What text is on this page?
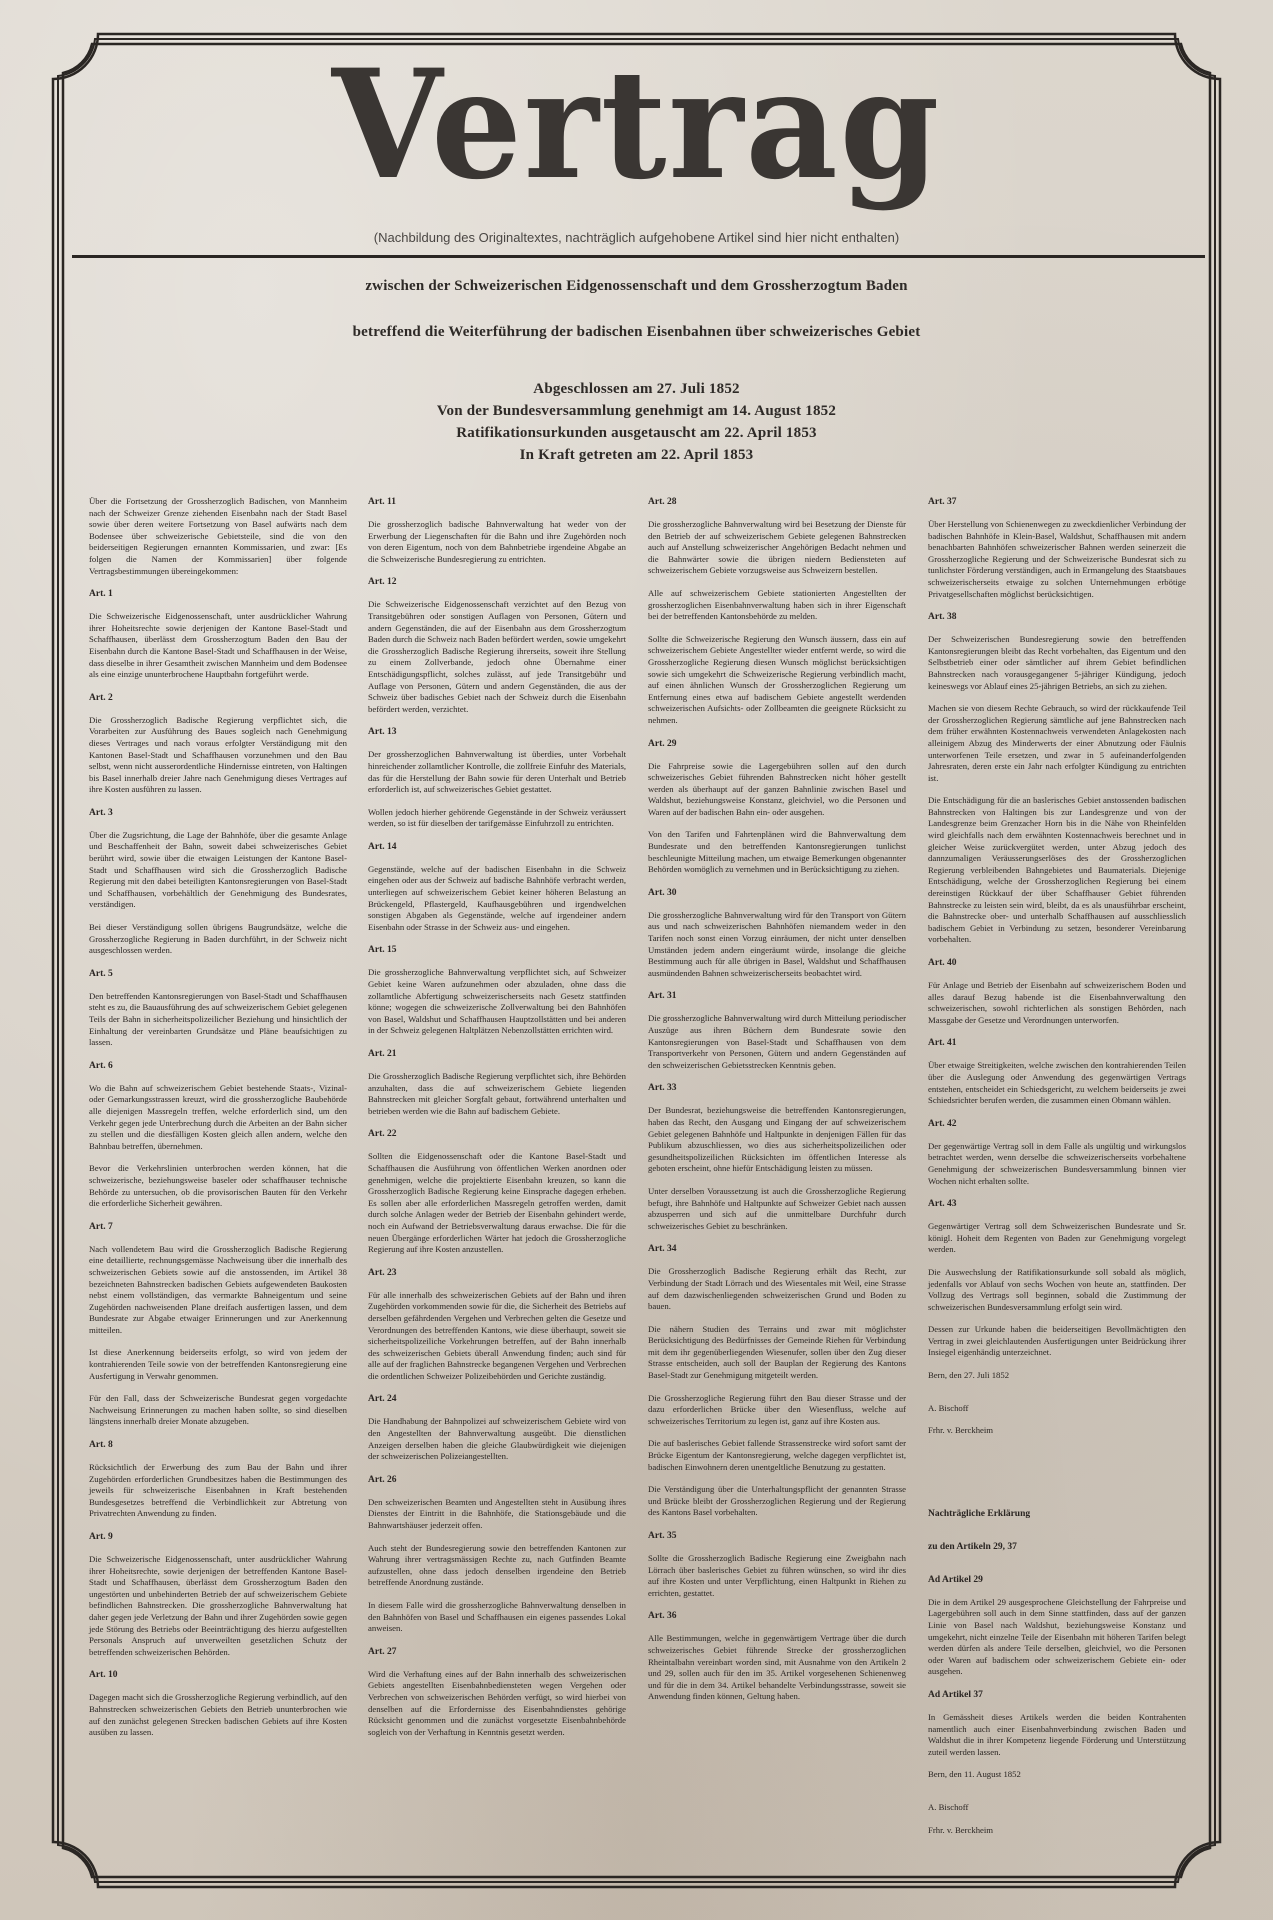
Vertrag
(Nachbildung des Originaltextes, nachträglich aufgehobene Artikel sind hier nicht enthalten)
zwischen der Schweizerischen Eidgenossenschaft und dem Grossherzogtum Baden
betreffend die Weiterführung der badischen Eisenbahnen über schweizerisches Gebiet
Abgeschlossen am 27. Juli 1852
Von der Bundesversammlung genehmigt am 14. August 1852
Ratifikationsurkunden ausgetauscht am 22. April 1853
In Kraft getreten am 22. April 1853

Über die Fortsetzung der Grossherzoglich Badischen, von Mannheim nach der Schweizer Grenze ziehenden Eisenbahn nach der Stadt Basel sowie über deren weitere Fortsetzung von Basel aufwärts nach dem Bodensee über schweizerische Gebietsteile, sind die von den beiderseitigen Regierungen ernannten Kommissarien, und zwar: [Es folgen die Namen der Kommissarien] über folgende Vertragsbestimmungen übereingekommen:

Art. 1

Die Schweizerische Eidgenossenschaft, unter ausdrücklicher Wahrung ihrer Hoheitsrechte sowie derjenigen der Kantone Basel-Stadt und Schaffhausen, überlässt dem Grossherzogtum Baden den Bau der Eisenbahn durch die Kantone Basel-Stadt und Schaffhausen in der Weise, dass dieselbe in ihrer Gesamtheit zwischen Mannheim und dem Bodensee als eine einzige ununterbrochene Hauptbahn fortgeführt werde.

Art. 2

Die Grossherzoglich Badische Regierung verpflichtet sich, die Vorarbeiten zur Ausführung des Baues sogleich nach Genehmigung dieses Vertrages und nach voraus erfolgter Verständigung mit den Kantonen Basel-Stadt und Schaffhausen vorzunehmen und den Bau selbst, wenn nicht ausserordentliche Hindernisse eintreten, von Haltingen bis Basel innerhalb dreier Jahre nach Genehmigung dieses Vertrages auf ihre Kosten ausführen zu lassen.

Art. 3

Über die Zugsrichtung, die Lage der Bahnhöfe, über die gesamte Anlage und Beschaffenheit der Bahn, soweit dabei schweizerisches Gebiet berührt wird, sowie über die etwaigen Leistungen der Kantone Basel-Stadt und Schaffhausen wird sich die Grossherzoglich Badische Regierung mit den dabei beteiligten Kantonsregierungen von Basel-Stadt und Schaffhausen, vorbehältlich der Genehmigung des Bundesrates, verständigen.

Bei dieser Verständigung sollen übrigens Baugrundsätze, welche die Grossherzogliche Regierung in Baden durchführt, in der Schweiz nicht ausgeschlossen werden.

Art. 5

Den betreffenden Kantonsregierungen von Basel-Stadt und Schaffhausen steht es zu, die Bauausführung des auf schweizerischem Gebiet gelegenen Teils der Bahn in sicherheitspolizeilicher Beziehung und hinsichtlich der Einhaltung der vereinbarten Grundsätze und Pläne beaufsichtigen zu lassen.

Art. 6

Wo die Bahn auf schweizerischem Gebiet bestehende Staats-, Vizinal- oder Gemarkungsstrassen kreuzt, wird die grossherzogliche Baubehörde alle diejenigen Massregeln treffen, welche erforderlich sind, um den Verkehr gegen jede Unterbrechung durch die Arbeiten an der Bahn sicher zu stellen und die diesfälligen Kosten gleich allen andern, welche den Bahnbau betreffen, übernehmen.

Bevor die Verkehrslinien unterbrochen werden können, hat die schweizerische, beziehungsweise baseler oder schaffhauser technische Behörde zu untersuchen, ob die provisorischen Bauten für den Verkehr die erforderliche Sicherheit gewähren.

Art. 7

Nach vollendetem Bau wird die Grossherzoglich Badische Regierung eine detaillierte, rechnungsgemässe Nachweisung über die innerhalb des schweizerischen Gebiets sowie auf die anstossenden, im Artikel 38 bezeichneten Bahnstrecken badischen Gebiets aufgewendeten Baukosten nebst einem vollständigen, das vermarkte Bahneigentum und seine Zugehörden nachweisenden Plane dreifach ausfertigen lassen, und dem Bundesrate zur Abgabe etwaiger Erinnerungen und zur Anerkennung mitteilen.

Ist diese Anerkennung beiderseits erfolgt, so wird von jedem der kontrahierenden Teile sowie von der betreffenden Kantonsregierung eine Ausfertigung in Verwahr genommen.

Für den Fall, dass der Schweizerische Bundesrat gegen vorgedachte Nachweisung Erinnerungen zu machen haben sollte, so sind dieselben längstens innerhalb dreier Monate abzugeben.

Art. 8

Rücksichtlich der Erwerbung des zum Bau der Bahn und ihrer Zugehörden erforderlichen Grundbesitzes haben die Bestimmungen des jeweils für schweizerische Eisenbahnen in Kraft bestehenden Bundesgesetzes betreffend die Verbindlichkeit zur Abtretung von Privatrechten Anwendung zu finden.

Art. 9

Die Schweizerische Eidgenossenschaft, unter ausdrücklicher Wahrung ihrer Hoheitsrechte, sowie derjenigen der betreffenden Kantone Basel-Stadt und Schaffhausen, überlässt dem Grossherzogtum Baden den ungestörten und unbehinderten Betrieb der auf schweizerischem Gebiete befindlichen Bahnstrecken. Die grossherzogliche Bahnverwaltung hat daher gegen jede Verletzung der Bahn und ihrer Zugehörden sowie gegen jede Störung des Betriebs oder Beeinträchtigung des hierzu aufgestellten Personals Anspruch auf unverweilten gesetzlichen Schutz der betreffenden schweizerischen Behörden.

Art. 10

Dagegen macht sich die Grossherzogliche Regierung verbindlich, auf den Bahnstrecken schweizerischen Gebiets den Betrieb ununterbrochen wie auf den zunächst gelegenen Strecken badischen Gebiets auf ihre Kosten ausüben zu lassen.

Art. 11

Die grossherzoglich badische Bahnverwaltung hat weder von der Erwerbung der Liegenschaften für die Bahn und ihre Zugehörden noch von deren Eigentum, noch von dem Bahnbetriebe irgendeine Abgabe an die Schweizerische Bundesregierung zu entrichten.

Art. 12

Die Schweizerische Eidgenossenschaft verzichtet auf den Bezug von Transitgebühren oder sonstigen Auflagen von Personen, Gütern und andern Gegenständen, die auf der Eisenbahn aus dem Grossherzogtum Baden durch die Schweiz nach Baden befördert werden, sowie umgekehrt die Grossherzoglich Badische Regierung ihrerseits, soweit ihre Stellung zu einem Zollverbande, jedoch ohne Übernahme einer Entschädigungspflicht, solches zulässt, auf jede Transitgebühr und Auflage von Personen, Gütern und andern Gegenständen, die aus der Schweiz über badisches Gebiet nach der Schweiz durch die Eisenbahn befördert werden, verzichtet.

Art. 13

Der grossherzoglichen Bahnverwaltung ist überdies, unter Vorbehalt hinreichender zollamtlicher Kontrolle, die zollfreie Einfuhr des Materials, das für die Herstellung der Bahn sowie für deren Unterhalt und Betrieb erforderlich ist, auf schweizerisches Gebiet gestattet.

Wollen jedoch hierher gehörende Gegenstände in der Schweiz veräussert werden, so ist für dieselben der tarifgemässe Einfuhrzoll zu entrichten.

Art. 14

Gegenstände, welche auf der badischen Eisenbahn in die Schweiz eingehen oder aus der Schweiz auf badische Bahnhöfe verbracht werden, unterliegen auf schweizerischem Gebiet keiner höheren Belastung an Brückengeld, Pflastergeld, Kaufhausgebühren und irgendwelchen sonstigen Abgaben als Gegenstände, welche auf irgendeiner andern Eisenbahn oder Strasse in der Schweiz aus- und eingehen.

Art. 15

Die grossherzogliche Bahnverwaltung verpflichtet sich, auf Schweizer Gebiet keine Waren aufzunehmen oder abzuladen, ohne dass die zollamtliche Abfertigung schweizerischerseits nach Gesetz stattfinden könne; wogegen die schweizerische Zollverwaltung bei den Bahnhöfen von Basel, Waldshut und Schaffhausen Hauptzollstätten und bei anderen in der Schweiz gelegenen Haltplätzen Nebenzollstätten errichten wird.

Art. 21

Die Grossherzoglich Badische Regierung verpflichtet sich, ihre Behörden anzuhalten, dass die auf schweizerischem Gebiete liegenden Bahnstrecken mit gleicher Sorgfalt gebaut, fortwährend unterhalten und betrieben werden wie die Bahn auf badischem Gebiete.

Art. 22

Sollten die Eidgenossenschaft oder die Kantone Basel-Stadt und Schaffhausen die Ausführung von öffentlichen Werken anordnen oder genehmigen, welche die projektierte Eisenbahn kreuzen, so kann die Grossherzoglich Badische Regierung keine Einsprache dagegen erheben. Es sollen aber alle erforderlichen Massregeln getroffen werden, damit durch solche Anlagen weder der Betrieb der Eisenbahn gehindert werde, noch ein Aufwand der Betriebsverwaltung daraus erwachse. Die für die neuen Übergänge erforderlichen Wärter hat jedoch die Grossherzogliche Regierung auf ihre Kosten anzustellen.

Art. 23

Für alle innerhalb des schweizerischen Gebiets auf der Bahn und ihren Zugehörden vorkommenden sowie für die, die Sicherheit des Betriebs auf derselben gefährdenden Vergehen und Verbrechen gelten die Gesetze und Verordnungen des betreffenden Kantons, wie diese überhaupt, soweit sie sicherheitspolizeiliche Vorkehrungen betreffen, auf der Bahn innerhalb des schweizerischen Gebiets überall Anwendung finden; auch sind für alle auf der fraglichen Bahnstrecke begangenen Vergehen und Verbrechen die ordentlichen Schweizer Polizeibehörden und Gerichte zuständig.

Art. 24

Die Handhabung der Bahnpolizei auf schweizerischem Gebiete wird von den Angestellten der Bahnverwaltung ausgeübt. Die dienstlichen Anzeigen derselben haben die gleiche Glaubwürdigkeit wie diejenigen der schweizerischen Polizeiangestellten.

Art. 26

Den schweizerischen Beamten und Angestellten steht in Ausübung ihres Dienstes der Eintritt in die Bahnhöfe, die Stationsgebäude und die Bahnwartshäuser jederzeit offen.

Auch steht der Bundesregierung sowie den betreffenden Kantonen zur Wahrung ihrer vertragsmässigen Rechte zu, nach Gutfinden Beamte aufzustellen, ohne dass jedoch denselben irgendeine den Betrieb betreffende Anordnung zustände.

In diesem Falle wird die grossherzogliche Bahnverwaltung denselben in den Bahnhöfen von Basel und Schaffhausen ein eigenes passendes Lokal anweisen.

Art. 27

Wird die Verhaftung eines auf der Bahn innerhalb des schweizerischen Gebiets angestellten Eisenbahnbediensteten wegen Vergehen oder Verbrechen von schweizerischen Behörden verfügt, so wird hierbei von denselben auf die Erfordernisse des Eisenbahndienstes gehörige Rücksicht genommen und die zunächst vorgesetzte Eisenbahnbehörde sogleich von der Verhaftung in Kenntnis gesetzt werden.

Art. 28

Die grossherzogliche Bahnverwaltung wird bei Besetzung der Dienste für den Betrieb der auf schweizerischem Gebiete gelegenen Bahnstrecken auch auf Anstellung schweizerischer Angehörigen Bedacht nehmen und die Bahnwärter sowie die übrigen niedern Bediensteten auf schweizerischem Gebiete vorzugsweise aus Schweizern bestellen.

Alle auf schweizerischem Gebiete stationierten Angestellten der grossherzoglichen Eisenbahnverwaltung haben sich in ihrer Eigenschaft bei der betreffenden Kantonsbehörde zu melden.

Sollte die Schweizerische Regierung den Wunsch äussern, dass ein auf schweizerischem Gebiete Angestellter wieder entfernt werde, so wird die Grossherzogliche Regierung diesen Wunsch möglichst berücksichtigen sowie sich umgekehrt die Schweizerische Regierung verbindlich macht, auf einen ähnlichen Wunsch der Grossherzoglichen Regierung um Entfernung eines etwa auf badischem Gebiete angestellt werdenden schweizerischen Aufsichts- oder Zollbeamten die geeignete Rücksicht zu nehmen.

Art. 29

Die Fahrpreise sowie die Lagergebühren sollen auf den durch schweizerisches Gebiet führenden Bahnstrecken nicht höher gestellt werden als überhaupt auf der ganzen Bahnlinie zwischen Basel und Waldshut, beziehungsweise Konstanz, gleichviel, wo die Personen und Waren auf der badischen Bahn ein- oder ausgehen.

Von den Tarifen und Fahrtenplänen wird die Bahnverwaltung dem Bundesrate und den betreffenden Kantonsregierungen tunlichst beschleunigte Mitteilung machen, um etwaige Bemerkungen obgenannter Behörden womöglich zu vernehmen und in Berücksichtigung zu ziehen.

Art. 30

Die grossherzogliche Bahnverwaltung wird für den Transport von Gütern aus und nach schweizerischen Bahnhöfen niemandem weder in den Tarifen noch sonst einen Vorzug einräumen, der nicht unter denselben Umständen jedem andern eingeräumt würde, insolange die gleiche Bestimmung auch für alle übrigen in Basel, Waldshut und Schaffhausen ausmündenden Bahnen schweizerischerseits beobachtet wird.

Art. 31

Die grossherzogliche Bahnverwaltung wird durch Mitteilung periodischer Auszüge aus ihren Büchern dem Bundesrate sowie den Kantonsregierungen von Basel-Stadt und Schaffhausen von dem Transportverkehr von Personen, Gütern und andern Gegenständen auf den schweizerischen Gebietsstrecken Kenntnis geben.

Art. 33

Der Bundesrat, beziehungsweise die betreffenden Kantonsregierungen, haben das Recht, den Ausgang und Eingang der auf schweizerischem Gebiet gelegenen Bahnhöfe und Haltpunkte in denjenigen Fällen für das Publikum abzuschliessen, wo dies aus sicherheitspolizeilichen oder gesundheitspolizeilichen Rücksichten im öffentlichen Interesse als geboten erscheint, ohne hiefür Entschädigung leisten zu müssen.

Unter derselben Voraussetzung ist auch die Grossherzogliche Regierung befugt, ihre Bahnhöfe und Haltpunkte auf Schweizer Gebiet nach aussen abzusperren und sich auf die unmittelbare Durchfuhr durch schweizerisches Gebiet zu beschränken.

Art. 34

Die Grossherzoglich Badische Regierung erhält das Recht, zur Verbindung der Stadt Lörrach und des Wiesentales mit Weil, eine Strasse auf dem dazwischenliegenden schweizerischen Grund und Boden zu bauen.

Die nähern Studien des Terrains und zwar mit möglichster Berücksichtigung des Bedürfnisses der Gemeinde Riehen für Verbindung mit dem ihr gegenüberliegenden Wiesenufer, sollen über den Zug dieser Strasse entscheiden, auch soll der Bauplan der Regierung des Kantons Basel-Stadt zur Genehmigung mitgeteilt werden.

Die Grossherzogliche Regierung führt den Bau dieser Strasse und der dazu erforderlichen Brücke über den Wiesenfluss, welche auf schweizerisches Territorium zu legen ist, ganz auf ihre Kosten aus.

Die auf baslerisches Gebiet fallende Strassenstrecke wird sofort samt der Brücke Eigentum der Kantonsregierung, welche dagegen verpflichtet ist, badischen Einwohnern deren unentgeltliche Benutzung zu gestatten.

Die Verständigung über die Unterhaltungspflicht der genannten Strasse und Brücke bleibt der Grossherzoglichen Regierung und der Regierung des Kantons Basel vorbehalten.

Art. 35

Sollte die Grossherzoglich Badische Regierung eine Zweigbahn nach Lörrach über baslerisches Gebiet zu führen wünschen, so wird ihr dies auf ihre Kosten und unter Verpflichtung, einen Haltpunkt in Riehen zu errichten, gestattet.

Art. 36

Alle Bestimmungen, welche in gegenwärtigem Vertrage über die durch schweizerisches Gebiet führende Strecke der grossherzoglichen Rheintalbahn vereinbart worden sind, mit Ausnahme von den Artikeln 2 und 29, sollen auch für den im 35. Artikel vorgesehenen Schienenweg und für die in dem 34. Artikel behandelte Verbindungsstrasse, soweit sie Anwendung finden können, Geltung haben.

Art. 37

Über Herstellung von Schienenwegen zu zweckdienlicher Verbindung der badischen Bahnhöfe in Klein-Basel, Waldshut, Schaffhausen mit andern benachbarten Bahnhöfen schweizerischer Bahnen werden seinerzeit die Grossherzogliche Regierung und der Schweizerische Bundesrat sich zu tunlichster Förderung verständigen, auch in Ermangelung des Staatsbaues schweizerischerseits etwaige zu solchen Unternehmungen erbötige Privatgesellschaften möglichst berücksichtigen.

Art. 38

Der Schweizerischen Bundesregierung sowie den betreffenden Kantonsregierungen bleibt das Recht vorbehalten, das Eigentum und den Selbstbetrieb einer oder sämtlicher auf ihrem Gebiet befindlichen Bahnstrecken nach vorausgegangener 5-jähriger Kündigung, jedoch keineswegs vor Ablauf eines 25-jährigen Betriebs, an sich zu ziehen.

Machen sie von diesem Rechte Gebrauch, so wird der rückkaufende Teil der Grossherzoglichen Regierung sämtliche auf jene Bahnstrecken nach dem früher erwähnten Kostennachweis verwendeten Anlagekosten nach alleinigem Abzug des Minderwerts der einer Abnutzung oder Fäulnis unterworfenen Teile ersetzen, und zwar in 5 aufeinanderfolgenden Jahresraten, deren erste ein Jahr nach erfolgter Kündigung zu entrichten ist.

Die Entschädigung für die an baslerisches Gebiet anstossenden badischen Bahnstrecken von Haltingen bis zur Landesgrenze und von der Landesgrenze beim Grenzacher Horn bis in die Nähe von Rheinfelden wird gleichfalls nach dem erwähnten Kostennachweis berechnet und in gleicher Weise zurückvergütet werden, unter Abzug jedoch des dannzumaligen Veräusserungserlöses des der Grossherzoglichen Regierung verbleibenden Bahngebietes und Baumaterials. Diejenige Entschädigung, welche der Grossherzoglichen Regierung bei einem dereinstigen Rückkauf der über Schaffhauser Gebiet führenden Bahnstrecke zu leisten sein wird, bleibt, da es als unausführbar erscheint, die Bahnstrecke ober- und unterhalb Schaffhausen auf ausschliesslich badischem Gebiet in Verbindung zu setzen, besonderer Vereinbarung vorbehalten.

Art. 40

Für Anlage und Betrieb der Eisenbahn auf schweizerischem Boden und alles darauf Bezug habende ist die Eisenbahnverwaltung den schweizerischen, sowohl richterlichen als sonstigen Behörden, nach Massgabe der Gesetze und Verordnungen unterworfen.

Art. 41

Über etwaige Streitigkeiten, welche zwischen den kontrahierenden Teilen über die Auslegung oder Anwendung des gegenwärtigen Vertrags entstehen, entscheidet ein Schiedsgericht, zu welchem beiderseits je zwei Schiedsrichter berufen werden, die zusammen einen Obmann wählen.

Art. 42

Der gegenwärtige Vertrag soll in dem Falle als ungültig und wirkungslos betrachtet werden, wenn derselbe die schweizerischerseits vorbehaltene Genehmigung der schweizerischen Bundesversammlung binnen vier Wochen nicht erhalten sollte.

Art. 43

Gegenwärtiger Vertrag soll dem Schweizerischen Bundesrate und Sr. königl. Hoheit dem Regenten von Baden zur Genehmigung vorgelegt werden.

Die Auswechslung der Ratifikationsurkunde soll sobald als möglich, jedenfalls vor Ablauf von sechs Wochen von heute an, stattfinden. Der Vollzug des Vertrags soll beginnen, sobald die Zustimmung der schweizerischen Bundesversammlung erfolgt sein wird.

Dessen zur Urkunde haben die beiderseitigen Bevollmächtigten den Vertrag in zwei gleichlautenden Ausfertigungen unter Beidrückung ihrer Insiegel eigenhändig unterzeichnet.

Bern, den 27. Juli 1852

A. Bischoff

Frhr. v. Berckheim

Nachträgliche Erklärung

zu den Artikeln 29, 37

Ad Artikel 29

Die in dem Artikel 29 ausgesprochene Gleichstellung der Fahrpreise und Lagergebühren soll auch in dem Sinne stattfinden, dass auf der ganzen Linie von Basel nach Waldshut, beziehungsweise Konstanz und umgekehrt, nicht einzelne Teile der Eisenbahn mit höheren Tarifen belegt werden dürfen als andere Teile derselben, gleichviel, wo die Personen oder Waren auf badischem oder schweizerischem Gebiete ein- oder ausgehen.

Ad Artikel 37

In Gemässheit dieses Artikels werden die beiden Kontrahenten namentlich auch einer Eisenbahnverbindung zwischen Baden und Waldshut die in ihrer Kompetenz liegende Förderung und Unterstützung zuteil werden lassen.

Bern, den 11. August 1852

A. Bischoff

Frhr. v. Berckheim
